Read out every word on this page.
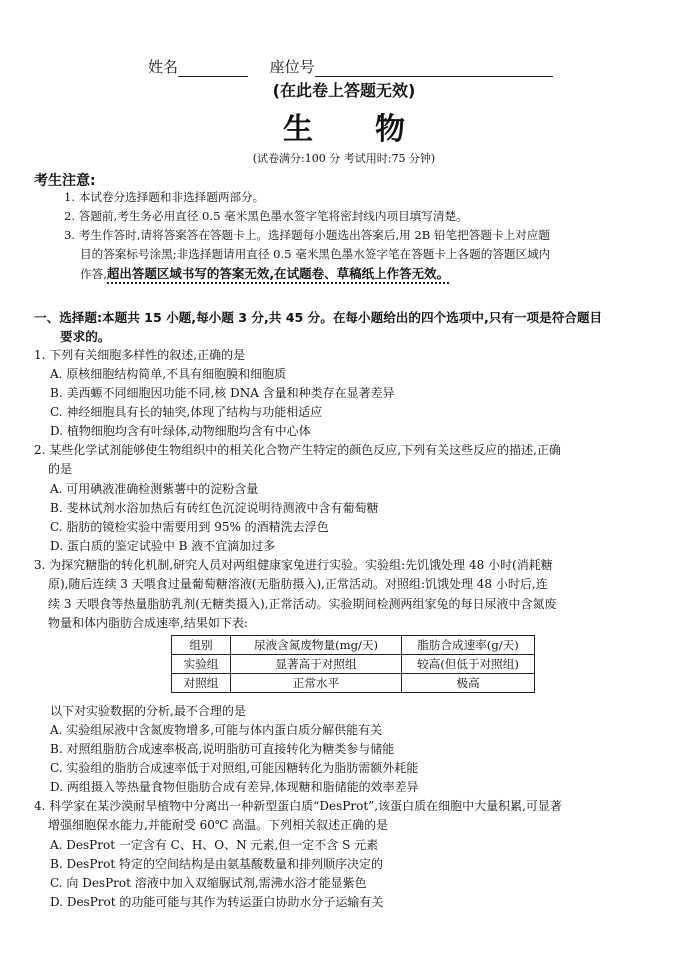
姓名	座位号
(在此卷上答题无效)
生物
(试卷满分:100 分 考试用时:75 分钟)
考生注意:
1. 本试卷分选择题和非选择题两部分。
2. 答题前,考生务必用直径 0.5 毫米黑色墨水签字笔将密封线内项目填写清楚。
3. 考生作答时,请将答案答在答题卡上。选择题每小题选出答案后,用 2B 铅笔把答题卡上对应题
目的答案标号涂黑;非选择题请用直径 0.5 毫米黑色墨水签字笔在答题卡上各题的答题区域内
作答,超出答题区域书写的答案无效,在试题卷、草稿纸上作答无效。
一、选择题:本题共 15 小题,每小题 3 分,共 45 分。在每小题给出的四个选项中,只有一项是符合题目
要求的。
1. 下列有关细胞多样性的叙述,正确的是
A. 原核细胞结构简单,不具有细胞膜和细胞质
B. 美西螈不同细胞因功能不同,核 DNA 含量和种类存在显著差异
C. 神经细胞具有长的轴突,体现了结构与功能相适应
D. 植物细胞均含有叶绿体,动物细胞均含有中心体
2. 某些化学试剂能够使生物组织中的相关化合物产生特定的颜色反应,下列有关这些反应的描述,正确
的是
A. 可用碘液准确检测紫薯中的淀粉含量
B. 斐林试剂水浴加热后有砖红色沉淀说明待测液中含有葡萄糖
C. 脂肪的镜检实验中需要用到 95% 的酒精洗去浮色
D. 蛋白质的鉴定试验中 B 液不宜滴加过多
3. 为探究糖脂的转化机制,研究人员对两组健康家兔进行实验。实验组:先饥饿处理 48 小时(消耗糖
原),随后连续 3 天喂食过量葡萄糖溶液(无脂肪摄入),正常活动。对照组:饥饿处理 48 小时后,连
续 3 天喂食等热量脂肪乳剂(无糖类摄入),正常活动。实验期间检测两组家兔的每日尿液中含氮废
物量和体内脂肪合成速率,结果如下表:
组别	尿液含氮废物量(mg/天)	脂肪合成速率(g/天)
实验组	显著高于对照组	较高(但低于对照组)
对照组	正常水平	极高
以下对实验数据的分析,最不合理的是
A. 实验组尿液中含氮废物增多,可能与体内蛋白质分解供能有关
B. 对照组脂肪合成速率极高,说明脂肪可直接转化为糖类参与储能
C. 实验组的脂肪合成速率低于对照组,可能因糖转化为脂肪需额外耗能
D. 两组摄入等热量食物但脂肪合成有差异,体现糖和脂储能的效率差异
4. 科学家在某沙漠耐旱植物中分离出一种新型蛋白质“DesProt”,该蛋白质在细胞中大量积累,可显著
增强细胞保水能力,并能耐受 60℃ 高温。下列相关叙述正确的是
A. DesProt 一定含有 C、H、O、N 元素,但一定不含 S 元素
B. DesProt 特定的空间结构是由氨基酸数量和排列顺序决定的
C. 向 DesProt 溶液中加入双缩脲试剂,需沸水浴才能显紫色
D. DesProt 的功能可能与其作为转运蛋白协助水分子运输有关
